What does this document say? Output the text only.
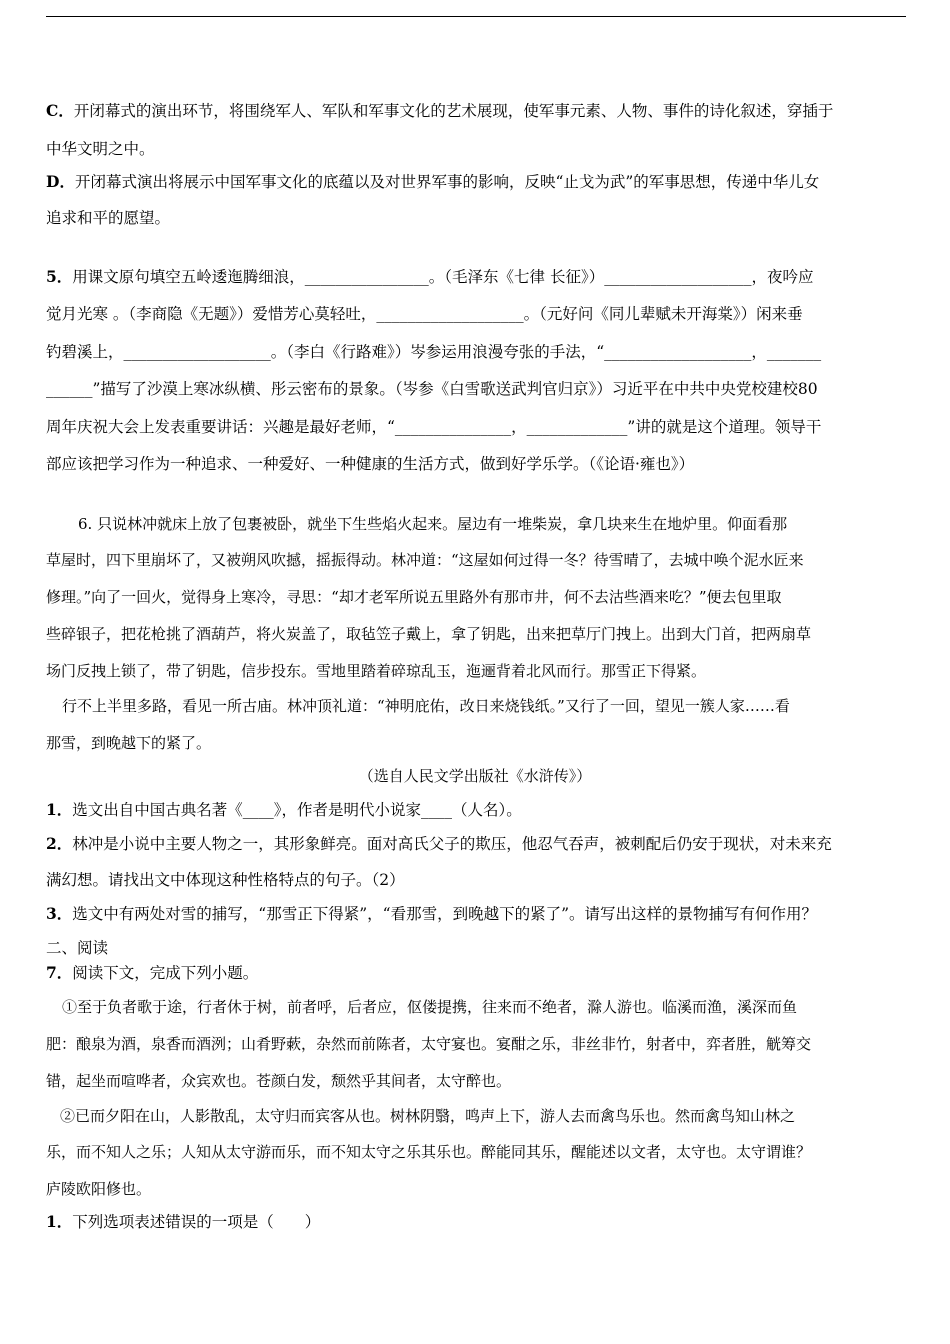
C．开闭幕式的演出环节，将围绕军人、军队和军事文化的艺术展现，使军事元素、人物、事件的诗化叙述，穿插于
中华文明之中。
D．开闭幕式演出将展示中国军事文化的底蕴以及对世界军事的影响，反映“止戈为武”的军事思想，传递中华儿女
追求和平的愿望。
5．用课文原句填空五岭逶迤腾细浪，________________。（毛泽东《七律 长征》）___________________，夜吟应
觉月光寒 。（李商隐《无题》）爱惜芳心莫轻吐，___________________。（元好问《同儿辈赋未开海棠》）闲来垂
钓碧溪上，___________________。（李白《行路难》）岑参运用浪漫夸张的手法，“___________________，_______
______”描写了沙漠上寒冰纵横、彤云密布的景象。（岑参《白雪歌送武判官归京》）习近平在中共中央党校建校80
周年庆祝大会上发表重要讲话：兴趣是最好老师，“_______________，_____________”讲的就是这个道理。领导干
部应该把学习作为一种追求、一种爱好、一种健康的生活方式，做到好学乐学。（《论语·雍也》）
6. 只说林冲就床上放了包裹被卧，就坐下生些焰火起来。屋边有一堆柴炭，拿几块来生在地炉里。仰面看那
草屋时，四下里崩坏了，又被朔风吹撼，摇振得动。林冲道：“这屋如何过得一冬？待雪晴了，去城中唤个泥水匠来
修理。”向了一回火，觉得身上寒冷，寻思：“却才老军所说五里路外有那市井，何不去沽些酒来吃？”便去包里取
些碎银子，把花枪挑了酒葫芦，将火炭盖了，取毡笠子戴上，拿了钥匙，出来把草厅门拽上。出到大门首，把两扇草
场门反拽上锁了，带了钥匙，信步投东。雪地里踏着碎琼乱玉，迤逦背着北风而行。那雪正下得紧。
行不上半里多路，看见一所古庙。林冲顶礼道：“神明庇佑，改日来烧钱纸。”又行了一回，望见一簇人家……看
那雪，到晚越下的紧了。
（选自人民文学出版社《水浒传》）
1．选文出自中国古典名著《____》，作者是明代小说家____（人名）。
2．林冲是小说中主要人物之一，其形象鲜亮。面对高氏父子的欺压，他忍气吞声，被刺配后仍安于现状，对未来充
满幻想。请找出文中体现这种性格特点的句子。（2）
3．选文中有两处对雪的捕写，“那雪正下得紧”，“看那雪，到晚越下的紧了”。请写出这样的景物捕写有何作用？
二、阅读
7．阅读下文，完成下列小题。
①至于负者歌于途，行者休于树，前者呼，后者应，伛偻提携，往来而不绝者，滁人游也。临溪而渔，溪深而鱼
肥：酿泉为酒，泉香而酒洌；山肴野蔌，杂然而前陈者，太守宴也。宴酣之乐，非丝非竹，射者中，弈者胜，觥筹交
错，起坐而喧哗者，众宾欢也。苍颜白发，颓然乎其间者，太守醉也。
②已而夕阳在山，人影散乱，太守归而宾客从也。树林阴翳，鸣声上下，游人去而禽鸟乐也。然而禽鸟知山林之
乐，而不知人之乐；人知从太守游而乐，而不知太守之乐其乐也。醉能同其乐，醒能述以文者，太守也。太守谓谁？
庐陵欧阳修也。
1．下列选项表述错误的一项是（　　）
